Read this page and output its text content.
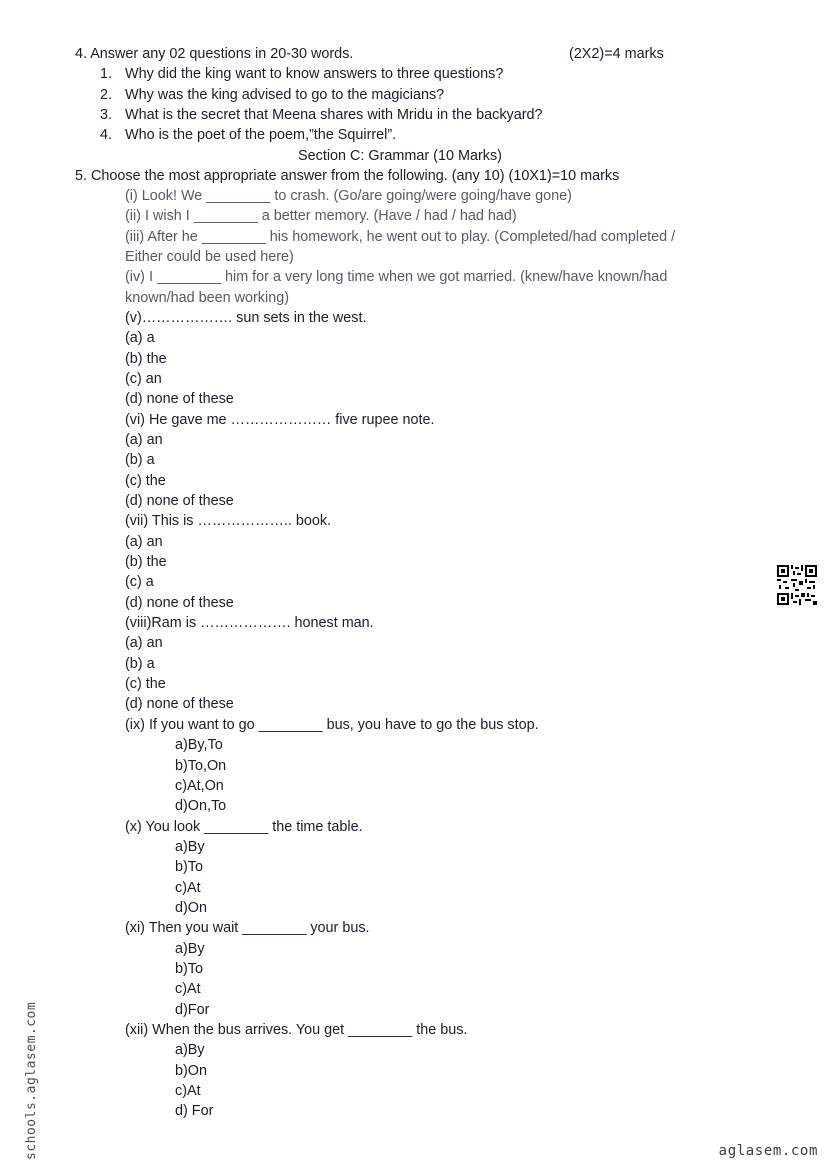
4. Answer any 02 questions in 20-30 words.	(2X2)=4 marks
1. Why did the king want to know answers to three questions?
2. Why was the king advised to go to the magicians?
3. What is the secret that Meena shares with Mridu in the backyard?
4. Who is the poet of the poem,”the Squirrel”.
Section C: Grammar (10 Marks)
5. Choose the most appropriate answer from the following. (any 10) (10X1)=10 marks
(i) Look! We ________ to crash. (Go/are going/were going/have gone)
(ii) I wish I ________ a better memory. (Have / had / had had)
(iii) After he ________ his homework, he went out to play. (Completed/had completed /
Either could be used here)
(iv) I ________ him for a very long time when we got married. (knew/have known/had
known/had been working)
(v)………………. sun sets in the west.
(a) a
(b) the
(c) an
(d) none of these
(vi) He gave me ………………… five rupee note.
(a) an
(b) a
(c) the
(d) none of these
(vii) This is ……………….. book.
(a) an
(b) the
(c) a
(d) none of these
(viii)Ram is ………………. honest man.
(a) an
(b) a
(c) the
(d) none of these
(ix) If you want to go ________ bus, you have to go the bus stop.
a)By,To
b)To,On
c)At,On
d)On,To
(x) You look ________ the time table.
a)By
b)To
c)At
d)On
(xi) Then you wait ________ your bus.
a)By
b)To
c)At
d)For
(xii) When the bus arrives. You get ________ the bus.
a)By
b)On
c)At
d) For
schools.aglasem.com	aglasem.com
